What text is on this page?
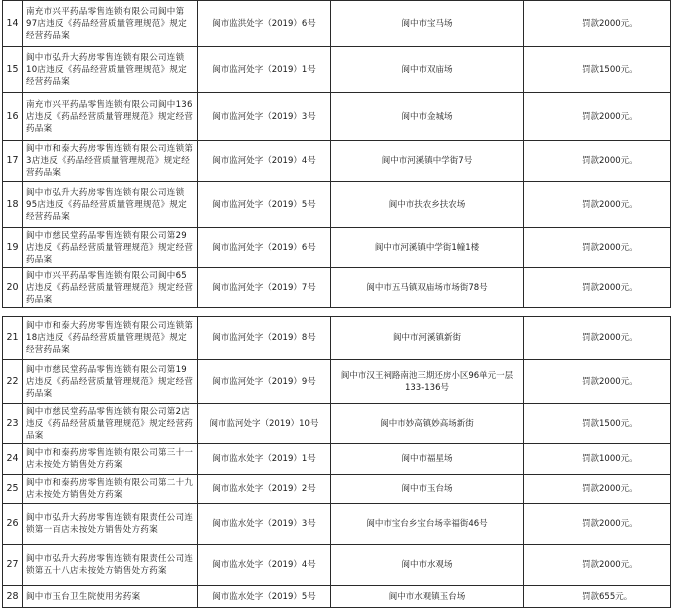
14	南充市兴平药品零售连锁有限公司阆中第97店违反《药品经营质量管理规范》规定经营药品案	阆市监洪处字（2019）6号	阆中市宝马场	罚款2000元。
15	阆中市弘升大药房零售连锁有限公司连锁10店违反《药品经营质量管理规范》规定经营药品案	阆市监河处字（2019）1号	阆中市双庙场	罚款1500元。
16	南充市兴平药品零售连锁有限公司阆中136店违反《药品经营质量管理规范》规定经营药品案	阆市监河处字（2019）3号	阆中市金城场	罚款2000元。
17	阆中市和泰大药房零售连锁有限公司连锁第3店违反《药品经营质量管理规范》规定经营药品案	阆市监河处字（2019）4号	阆中市河溪镇中学街7号	罚款2000元。
18	阆中市弘升大药房零售连锁有限公司连锁95店违反《药品经营质量管理规范》规定经营药品案	阆市监河处字（2019）5号	阆中市扶农乡扶农场	罚款2000元。
19	阆中市慈民堂药品零售连锁有限公司第29店违反《药品经营质量管理规范》规定经营药品案	阆市监河处字（2019）6号	阆中市河溪镇中学街1幢1楼	罚款2000元。
20	阆中市兴平药品零售连锁有限公司阆中65店违反《药品经营质量管理规范》规定经营药品案	阆市监河处字（2019）7号	阆中市五马镇双庙场市场街78号	罚款2000元。

21	阆中市和泰大药房零售连锁有限公司连锁第18店违反《药品经营质量管理规范》规定经营药品案	阆市监河处字（2019）8号	阆中市河溪镇新街	罚款2000元。
22	阆中市慈民堂药品零售连锁有限公司第19店违反《药品经营质量管理规范》规定经营药品案	阆市监河处字（2019）9号	阆中市汉王祠路南池三期还房小区96单元一层133-136号	罚款2000元。
23	阆中市慈民堂药品零售连锁有限公司第2店违反《药品经营质量管理规范》规定经营药品案	阆市监河处字（2019）10号	阆中市妙高镇妙高场新街	罚款1500元。
24	阆中市和泰药房零售连锁有限公司第三十一店未按处方销售处方药案	阆市监水处字（2019）1号	阆中市福星场	罚款1000元。
25	阆中市和泰药房零售连锁有限公司第二十九店未按处方销售处方药案	阆市监水处字（2019）2号	阆中市玉台场	罚款2000元。
26	阆中市弘升大药房零售连锁有限责任公司连锁第一百店未按处方销售处方药案	阆市监水处字（2019）3号	阆中市宝台乡宝台场幸福街46号	罚款2000元。
27	阆中市弘升大药房零售连锁有限责任公司连锁第五十八店未按处方销售处方药案	阆市监水处字（2019）4号	阆中市水观场	罚款2000元。
28	阆中市玉台卫生院使用劣药案	阆市监水处字（2019）5号	阆中市水观镇玉台场	罚款655元。
